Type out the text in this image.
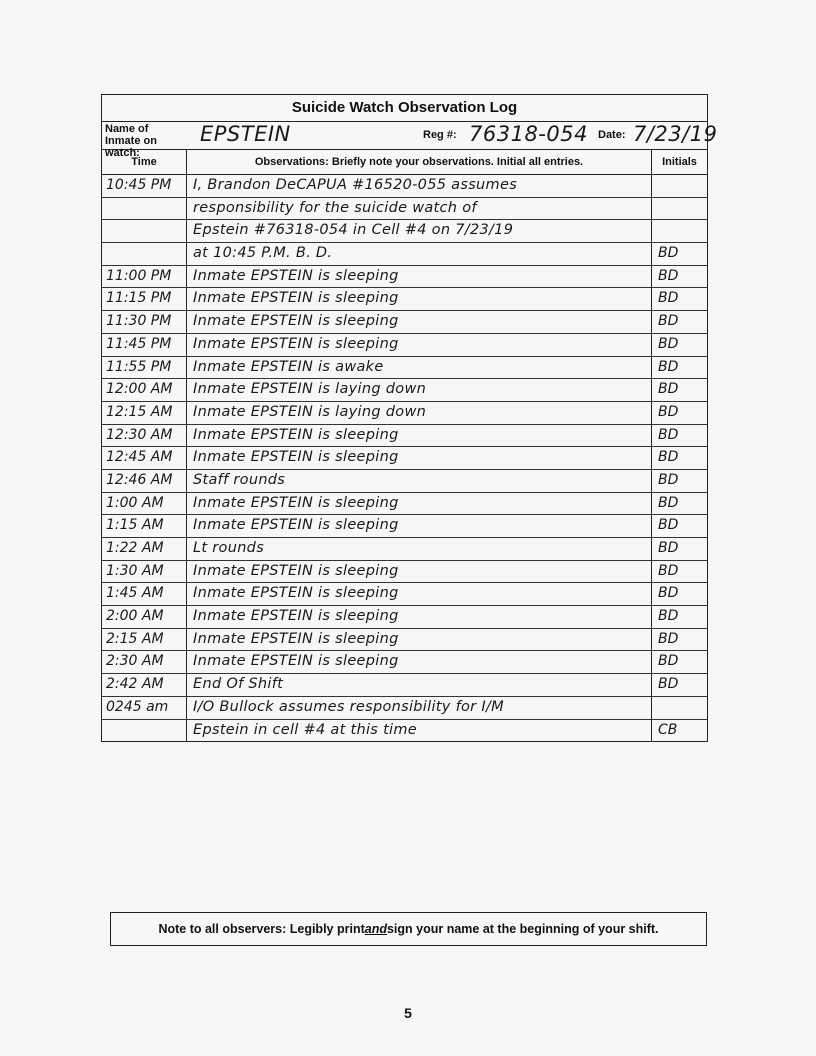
Suicide Watch Observation Log
Name of Inmate on watch:
EPSTEIN	Reg #: 76318-054 Date: 7/23/19
Time	Observations: Briefly note your observations. Initial all entries.	Initials
10:45 PM	I, Brandon DeCAPUA #16520-055 assumes
responsibility for the suicide watch of
Epstein #76318-054 in Cell #4 on 7/23/19
at 10:45 P.M. B. D.	BD
11:00 PM	Inmate EPSTEIN is sleeping	BD
11:15 PM	Inmate EPSTEIN is sleeping	BD
11:30 PM	Inmate EPSTEIN is sleeping	BD
11:45 PM	Inmate EPSTEIN is sleeping	BD
11:55 PM	Inmate EPSTEIN is awake	BD
12:00 AM	Inmate EPSTEIN is laying down	BD
12:15 AM	Inmate EPSTEIN is laying down	BD
12:30 AM	Inmate EPSTEIN is sleeping	BD
12:45 AM	Inmate EPSTEIN is sleeping	BD
12:46 AM	Staff rounds	BD
1:00 AM	Inmate EPSTEIN is sleeping	BD
1:15 AM	Inmate EPSTEIN is sleeping	BD
1:22 AM	Lt rounds	BD
1:30 AM	Inmate EPSTEIN is sleeping	BD
1:45 AM	Inmate EPSTEIN is sleeping	BD
2:00 AM	Inmate EPSTEIN is sleeping	BD
2:15 AM	Inmate EPSTEIN is sleeping	BD
2:30 AM	Inmate EPSTEIN is sleeping	BD
2:42 AM	End Of Shift	BD
0245 am	I/O Bullock assumes responsibility for I/M
Epstein in cell #4 at this time	CB
Note to all observers: Legibly print and sign your name at the beginning of your shift.
5
